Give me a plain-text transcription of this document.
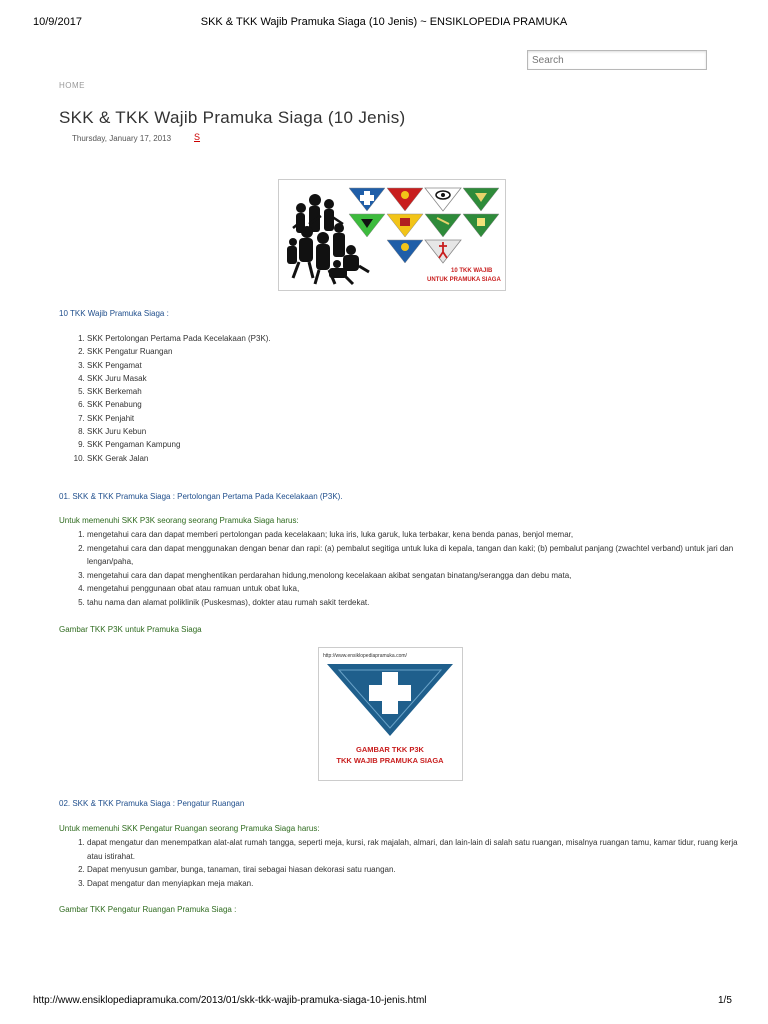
10/9/2017	SKK & TKK Wajib Pramuka Siaga (10 Jenis) ~ ENSIKLOPEDIA PRAMUKA
Search
HOME
SKK & TKK Wajib Pramuka Siaga (10 Jenis)
Thursday, January 17, 2013	S
10 TKK WAJIB
UNTUK PRAMUKA SIAGA
10 TKK Wajib Pramuka Siaga :
1. SKK Pertolongan Pertama Pada Kecelakaan (P3K).
2. SKK Pengatur Ruangan
3. SKK Pengamat
4. SKK Juru Masak
5. SKK Berkemah
6. SKK Penabung
7. SKK Penjahit
8. SKK Juru Kebun
9. SKK Pengaman Kampung
10. SKK Gerak Jalan
01. SKK & TKK Pramuka Siaga : Pertolongan Pertama Pada Kecelakaan (P3K).
Untuk memenuhi SKK P3K seorang seorang Pramuka Siaga harus:
1. mengetahui cara dan dapat memberi pertolongan pada kecelakaan; luka iris, luka garuk, luka terbakar, kena benda panas, benjol memar,
2. mengetahui cara dan dapat menggunakan dengan benar dan rapi: (a) pembalut segitiga untuk luka di kepala, tangan dan kaki; (b) pembalut panjang (zwachtel verband) untuk jari dan lengan/paha,
3. mengetahui cara dan dapat menghentikan perdarahan hidung,menolong kecelakaan akibat sengatan binatang/serangga dan debu mata,
4. mengetahui penggunaan obat atau ramuan untuk obat luka,
5. tahu nama dan alamat poliklinik (Puskesmas), dokter atau rumah sakit terdekat.
Gambar TKK P3K untuk Pramuka Siaga
http://www.ensiklopediapramuka.com/
GAMBAR TKK P3K
TKK WAJIB PRAMUKA SIAGA
02. SKK & TKK Pramuka Siaga : Pengatur Ruangan
Untuk memenuhi SKK Pengatur Ruangan seorang Pramuka Siaga harus:
1. dapat mengatur dan menempatkan alat-alat rumah tangga, seperti meja, kursi, rak majalah, almari, dan lain-lain di salah satu ruangan, misalnya ruangan tamu, kamar tidur, ruang kerja atau istirahat.
2. Dapat menyusun gambar, bunga, tanaman, tirai sebagai hiasan dekorasi satu ruangan.
3. Dapat mengatur dan menyiapkan meja makan.
Gambar TKK Pengatur Ruangan Pramuka Siaga :
http://www.ensiklopediapramuka.com/2013/01/skk-tkk-wajib-pramuka-siaga-10-jenis.html	1/5
